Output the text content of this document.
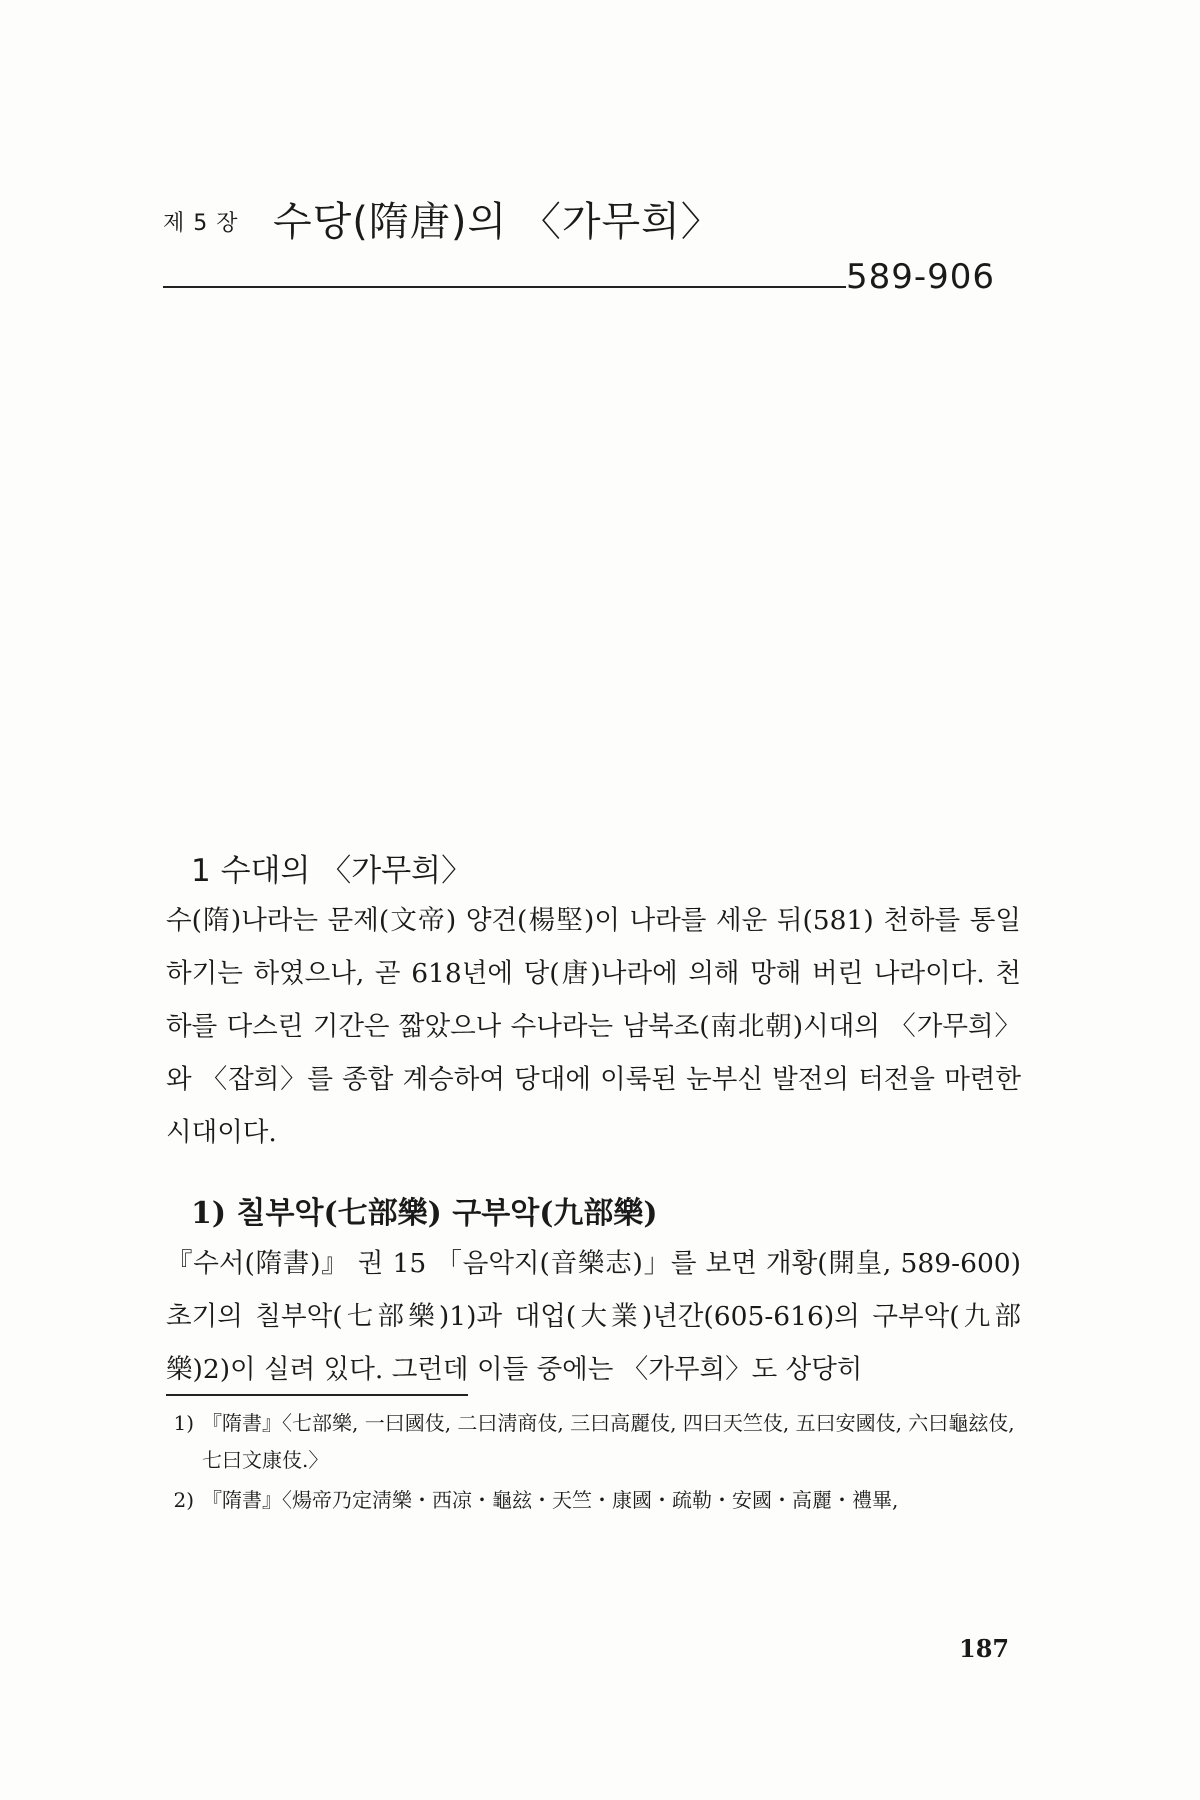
제 5 장 수당(隋唐)의 〈가무희〉
589-906
1 수대의 〈가무희〉
수(隋)나라는 문제(文帝) 양견(楊堅)이 나라를 세운 뒤(581) 천하를 통일하기는 하였으나, 곧 618년에 당(唐)나라에 의해 망해 버린 나라이다. 천하를 다스린 기간은 짧았으나 수나라는 남북조(南北朝)시대의 〈가무희〉와 〈잡희〉를 종합 계승하여 당대에 이룩된 눈부신 발전의 터전을 마련한 시대이다.
1) 칠부악(七部樂) 구부악(九部樂)
『수서(隋書)』 권 15 「음악지(音樂志)」를 보면 개황(開皇, 589-600) 초기의 칠부악(七部樂)1)과 대업(大業)년간(605-616)의 구부악(九部樂)2)이 실려 있다. 그런데 이들 중에는 〈가무희〉도 상당히
1) 『隋書』〈七部樂, 一曰國伎, 二曰淸商伎, 三曰高麗伎, 四曰天竺伎, 五曰安國伎, 六曰龜玆伎, 七曰文康伎.〉
2) 『隋書』〈煬帝乃定淸樂・西凉・龜玆・天竺・康國・疏勒・安國・高麗・禮畢,
187
